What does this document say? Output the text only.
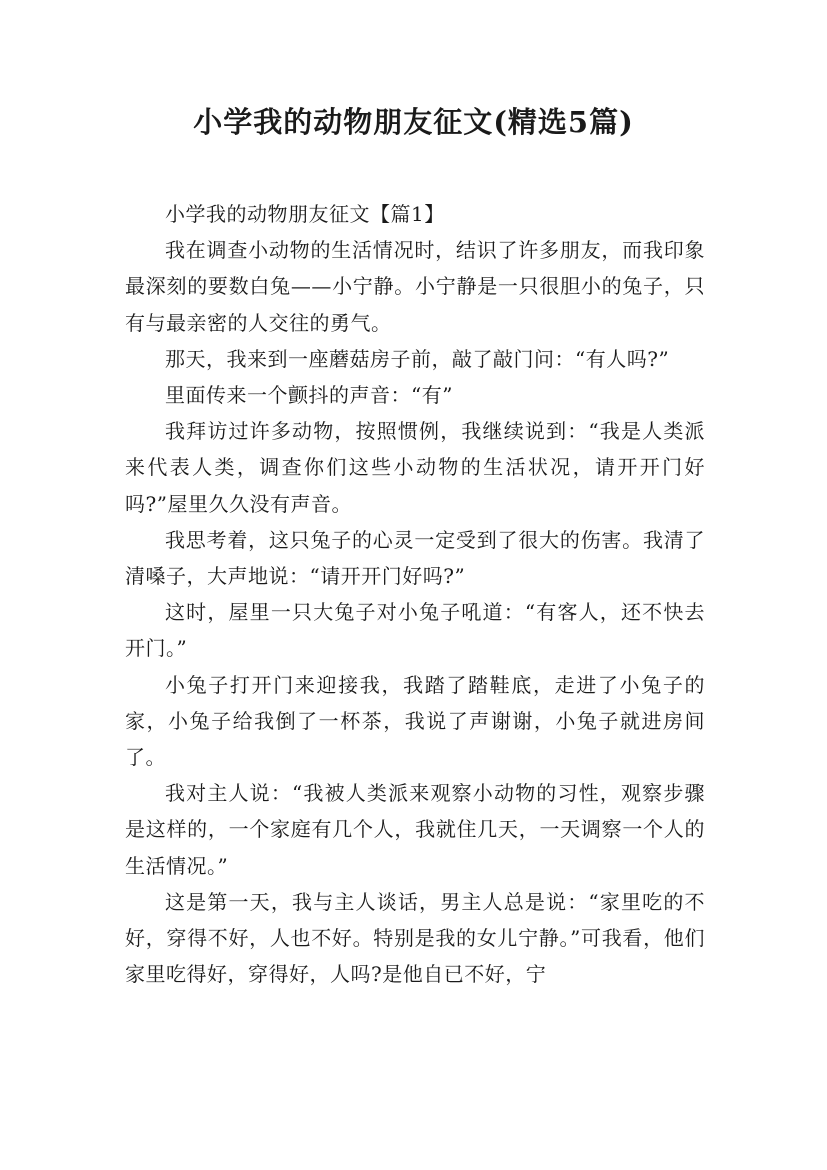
小学我的动物朋友征文(精选5篇)

小学我的动物朋友征文【篇1】

我在调查小动物的生活情况时，结识了许多朋友，而我印象最深刻的要数白兔——小宁静。小宁静是一只很胆小的兔子，只有与最亲密的人交往的勇气。

那天，我来到一座蘑菇房子前，敲了敲门问：“有人吗?”

里面传来一个颤抖的声音：“有”

我拜访过许多动物，按照惯例，我继续说到：“我是人类派来代表人类，调查你们这些小动物的生活状况，请开开门好吗?”屋里久久没有声音。

我思考着，这只兔子的心灵一定受到了很大的伤害。我清了清嗓子，大声地说：“请开开门好吗?”

这时，屋里一只大兔子对小兔子吼道：“有客人，还不快去开门。”

小兔子打开门来迎接我，我踏了踏鞋底，走进了小兔子的家，小兔子给我倒了一杯茶，我说了声谢谢，小兔子就进房间了。

我对主人说：“我被人类派来观察小动物的习性，观察步骤是这样的，一个家庭有几个人，我就住几天，一天调察一个人的生活情况。”

这是第一天，我与主人谈话，男主人总是说：“家里吃的不好，穿得不好，人也不好。特别是我的女儿宁静。”可我看，他们家里吃得好，穿得好，人吗?是他自已不好，宁
